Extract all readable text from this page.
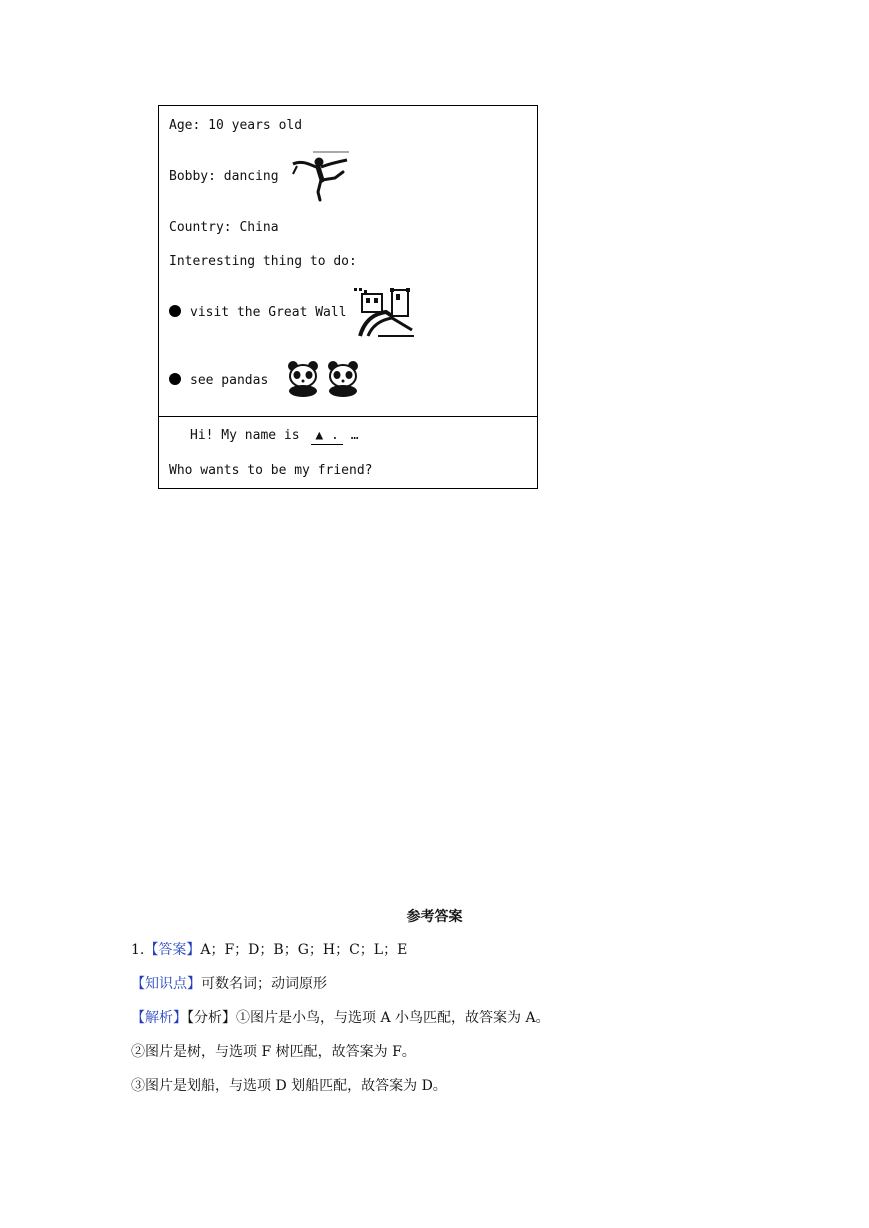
Age: 10 years old
Bobby: dancing
Country: China
Interesting thing to do:
visit the Great Wall
see pandas
Hi! My name is ▲ . …
Who wants to be my friend?
参考答案
1.【答案】A；F；D；B；G；H；C；L；E
【知识点】可数名词；动词原形
【解析】【分析】①图片是小鸟，与选项 A 小鸟匹配，故答案为 A。
②图片是树，与选项 F 树匹配，故答案为 F。
③图片是划船，与选项 D 划船匹配，故答案为 D。
